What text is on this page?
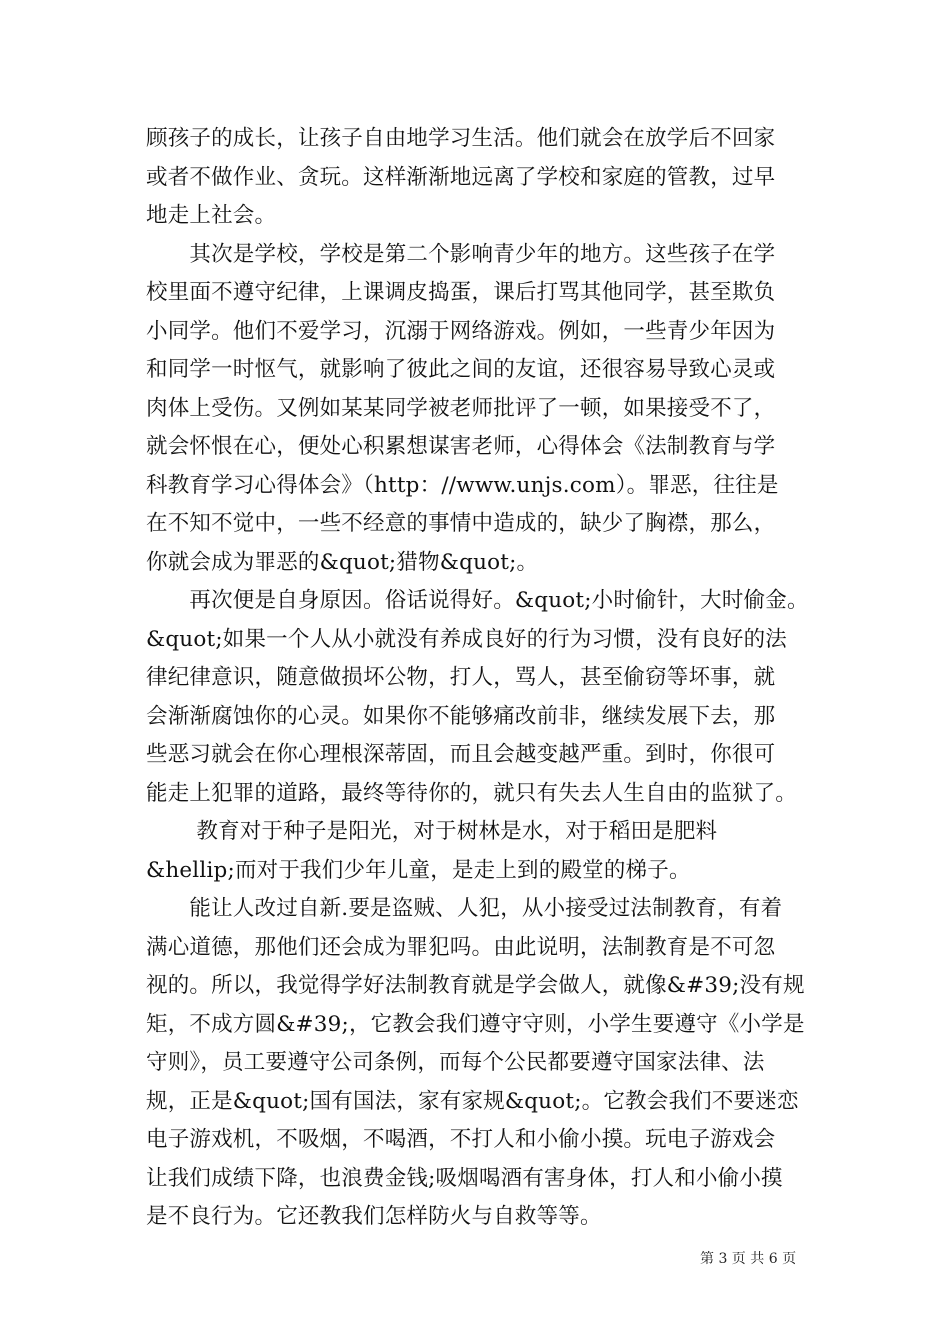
顾孩子的成长，让孩子自由地学习生活。他们就会在放学后不回家
或者不做作业、贪玩。这样渐渐地远离了学校和家庭的管教，过早
地走上社会。
　　其次是学校，学校是第二个影响青少年的地方。这些孩子在学
校里面不遵守纪律，上课调皮捣蛋，课后打骂其他同学，甚至欺负
小同学。他们不爱学习，沉溺于网络游戏。例如，一些青少年因为
和同学一时怄气，就影响了彼此之间的友谊，还很容易导致心灵或
肉体上受伤。又例如某某同学被老师批评了一顿，如果接受不了，
就会怀恨在心，便处心积累想谋害老师，心得体会《法制教育与学
科教育学习心得体会》（http：//www.unjs.com）。罪恶，往往是
在不知不觉中，一些不经意的事情中造成的，缺少了胸襟，那么，
你就会成为罪恶的&quot;猎物&quot;。
　　再次便是自身原因。俗话说得好。&quot;小时偷针，大时偷金。
&quot;如果一个人从小就没有养成良好的行为习惯，没有良好的法
律纪律意识，随意做损坏公物，打人，骂人，甚至偷窃等坏事，就
会渐渐腐蚀你的心灵。如果你不能够痛改前非，继续发展下去，那
些恶习就会在你心理根深蒂固，而且会越变越严重。到时，你很可
能走上犯罪的道路，最终等待你的，就只有失去人生自由的监狱了。
　　 教育对于种子是阳光，对于树林是水，对于稻田是肥料
&hellip;而对于我们少年儿童，是走上到的殿堂的梯子。
　　能让人改过自新.要是盗贼、人犯，从小接受过法制教育，有着
满心道德，那他们还会成为罪犯吗。由此说明，法制教育是不可忽
视的。所以，我觉得学好法制教育就是学会做人，就像&#39;没有规
矩，不成方圆&#39;，它教会我们遵守守则，小学生要遵守《小学是
守则》，员工要遵守公司条例，而每个公民都要遵守国家法律、法
规，正是&quot;国有国法，家有家规&quot;。它教会我们不要迷恋
电子游戏机，不吸烟，不喝酒，不打人和小偷小摸。玩电子游戏会
让我们成绩下降，也浪费金钱;吸烟喝酒有害身体，打人和小偷小摸
是不良行为。它还教我们怎样防火与自救等等。
第 3 页 共 6 页
